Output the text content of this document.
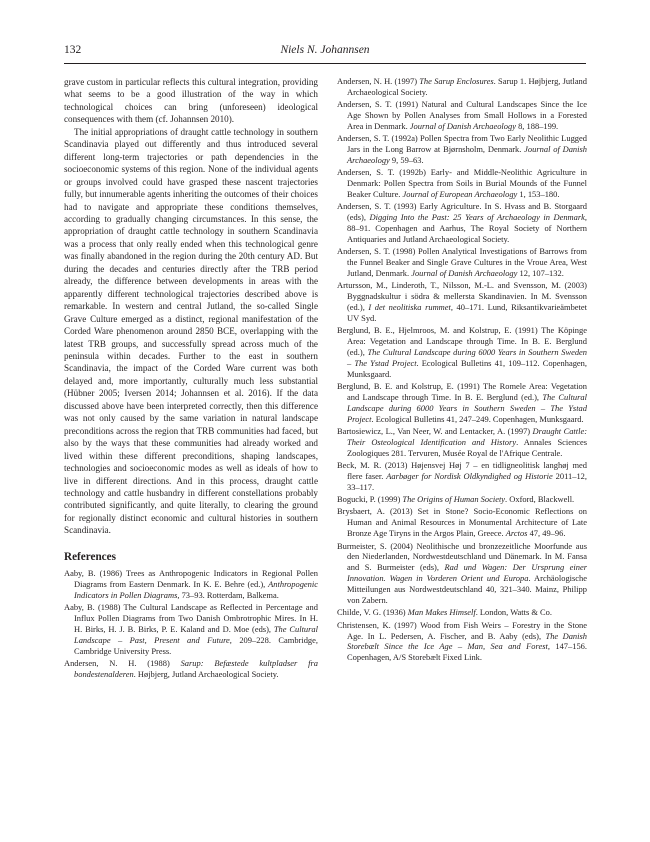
132	Niels N. Johannsen

grave custom in particular reflects this cultural integration, providing what seems to be a good illustration of the way in which technological choices can bring (unforeseen) ideological consequences with them (cf. Johannsen 2010).

The initial appropriations of draught cattle technology in southern Scandinavia played out differently and thus introduced several different long-term trajectories or path dependencies in the socioeconomic systems of this region. None of the individual agents or groups involved could have grasped these nascent trajectories fully, but innumerable agents inheriting the outcomes of their choices had to navigate and appropriate these conditions themselves, according to gradually changing circumstances. In this sense, the appropriation of draught cattle technology in southern Scandinavia was a process that only really ended when this technological genre was finally abandoned in the region during the 20th century AD. But during the decades and centuries directly after the TRB period already, the difference between developments in areas with the apparently different technological trajectories described above is remarkable. In western and central Jutland, the so-called Single Grave Culture emerged as a distinct, regional manifestation of the Corded Ware phenomenon around 2850 BCE, overlapping with the latest TRB groups, and successfully spread across much of the peninsula within decades. Further to the east in southern Scandinavia, the impact of the Corded Ware current was both delayed and, more importantly, culturally much less substantial (Hübner 2005; Iversen 2014; Johannsen et al. 2016). If the data discussed above have been interpreted correctly, then this difference was not only caused by the same variation in natural landscape preconditions across the region that TRB communities had faced, but also by the ways that these communities had already worked and lived within these different preconditions, shaping landscapes, technologies and socioeconomic modes as well as ideals of how to live in different directions. And in this process, draught cattle technology and cattle husbandry in different constellations probably contributed significantly, and quite literally, to clearing the ground for regionally distinct economic and cultural histories in southern Scandinavia.

References

Aaby, B. (1986) Trees as Anthropogenic Indicators in Regional Pollen Diagrams from Eastern Denmark. In K. E. Behre (ed.), Anthropogenic Indicators in Pollen Diagrams, 73–93. Rotterdam, Balkema.

Aaby, B. (1988) The Cultural Landscape as Reflected in Percentage and Influx Pollen Diagrams from Two Danish Ombrotrophic Mires. In H. H. Birks, H. J. B. Birks, P. E. Kaland and D. Moe (eds), The Cultural Landscape – Past, Present and Future, 209–228. Cambridge, Cambridge University Press.

Andersen, N. H. (1988) Sarup: Befæstede kultpladser fra bondestenalderen. Højbjerg, Jutland Archaeological Society.

Andersen, N. H. (1997) The Sarup Enclosures. Sarup 1. Højbjerg, Jutland Archaeological Society.

Andersen, S. T. (1991) Natural and Cultural Landscapes Since the Ice Age Shown by Pollen Analyses from Small Hollows in a Forested Area in Denmark. Journal of Danish Archaeology 8, 188–199.

Andersen, S. T. (1992a) Pollen Spectra from Two Early Neolithic Lugged Jars in the Long Barrow at Bjørnsholm, Denmark. Journal of Danish Archaeology 9, 59–63.

Andersen, S. T. (1992b) Early- and Middle-Neolithic Agriculture in Denmark: Pollen Spectra from Soils in Burial Mounds of the Funnel Beaker Culture. Journal of European Archaeology 1, 153–180.

Andersen, S. T. (1993) Early Agriculture. In S. Hvass and B. Storgaard (eds), Digging Into the Past: 25 Years of Archaeology in Denmark, 88–91. Copenhagen and Aarhus, The Royal Society of Northern Antiquaries and Jutland Archaeological Society.

Andersen, S. T. (1998) Pollen Analytical Investigations of Barrows from the Funnel Beaker and Single Grave Cultures in the Vroue Area, West Jutland, Denmark. Journal of Danish Archaeology 12, 107–132.

Artursson, M., Linderoth, T., Nilsson, M.-L. and Svensson, M. (2003) Byggnadskultur i södra & mellersta Skandinavien. In M. Svensson (ed.), I det neolitiska rummet, 40–171. Lund, Riksantikvarieämbetet UV Syd.

Berglund, B. E., Hjelmroos, M. and Kolstrup, E. (1991) The Köpinge Area: Vegetation and Landscape through Time. In B. E. Berglund (ed.), The Cultural Landscape during 6000 Years in Southern Sweden – The Ystad Project. Ecological Bulletins 41, 109–112. Copenhagen, Munksgaard.

Berglund, B. E. and Kolstrup, E. (1991) The Romele Area: Vegetation and Landscape through Time. In B. E. Berglund (ed.), The Cultural Landscape during 6000 Years in Southern Sweden – The Ystad Project. Ecological Bulletins 41, 247–249. Copenhagen, Munksgaard.

Bartosiewicz, L., Van Neer, W. and Lentacker, A. (1997) Draught Cattle: Their Osteological Identification and History. Annales Sciences Zoologiques 281. Tervuren, Musée Royal de l'Afrique Centrale.

Beck, M. R. (2013) Højensvej Høj 7 – en tidligneolitisk langhøj med flere faser. Aarbøger for Nordisk Oldkyndighed og Historie 2011–12, 33–117.

Bogucki, P. (1999) The Origins of Human Society. Oxford, Blackwell.

Brysbaert, A. (2013) Set in Stone? Socio-Economic Reflections on Human and Animal Resources in Monumental Architecture of Late Bronze Age Tiryns in the Argos Plain, Greece. Arctos 47, 49–96.

Burmeister, S. (2004) Neolithische und bronzezeitliche Moorfunde aus den Niederlanden, Nordwestdeutschland und Dänemark. In M. Fansa and S. Burmeister (eds), Rad und Wagen: Der Ursprung einer Innovation. Wagen in Vorderen Orient und Europa. Archäologische Mitteilungen aus Nordwestdeutschland 40, 321–340. Mainz, Philipp von Zabern.

Childe, V. G. (1936) Man Makes Himself. London, Watts & Co.

Christensen, K. (1997) Wood from Fish Weirs – Forestry in the Stone Age. In L. Pedersen, A. Fischer, and B. Aaby (eds), The Danish Storebælt Since the Ice Age – Man, Sea and Forest, 147–156. Copenhagen, A/S Storebælt Fixed Link.
